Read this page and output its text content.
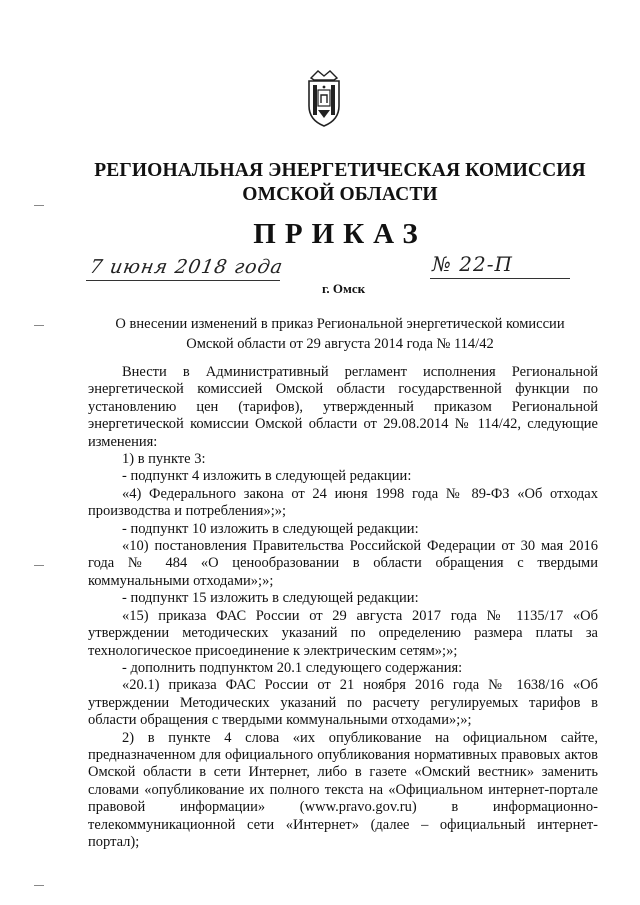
РЕГИОНАЛЬНАЯ ЭНЕРГЕТИЧЕСКАЯ КОМИССИЯ
ОМСКОЙ ОБЛАСТИ
ПРИКАЗ
7 июня 2018 года	№ 22-П
г. Омск
О внесении изменений в приказ Региональной энергетической комиссии
Омской области от 29 августа 2014 года № 114/42

Внести в Административный регламент исполнения Региональной энергетической комиссией Омской области государственной функции по установлению цен (тарифов), утвержденный приказом Региональной энергетической комиссии Омской области от 29.08.2014 № 114/42, следующие изменения:

1) в пункте 3:

- подпункт 4 изложить в следующей редакции:

«4) Федерального закона от 24 июня 1998 года № 89-ФЗ «Об отходах производства и потребления»;»;

- подпункт 10 изложить в следующей редакции:

«10) постановления Правительства Российской Федерации от 30 мая 2016 года № 484 «О ценообразовании в области обращения с твердыми коммунальными отходами»;»;

- подпункт 15 изложить в следующей редакции:

«15) приказа ФАС России от 29 августа 2017 года № 1135/17 «Об утверждении методических указаний по определению размера платы за технологическое присоединение к электрическим сетям»;»;

- дополнить подпунктом 20.1 следующего содержания:

«20.1) приказа ФАС России от 21 ноября 2016 года № 1638/16 «Об утверждении Методических указаний по расчету регулируемых тарифов в области обращения с твердыми коммунальными отходами»;»;

2) в пункте 4 слова «их опубликование на официальном сайте, предназначенном для официального опубликования нормативных правовых актов Омской области в сети Интернет, либо в газете «Омский вестник» заменить словами «опубликование их полного текста на «Официальном интернет-портале правовой информации» (www.pravo.gov.ru) в информационно-телекоммуникационной сети «Интернет» (далее – официальный интернет-портал);
